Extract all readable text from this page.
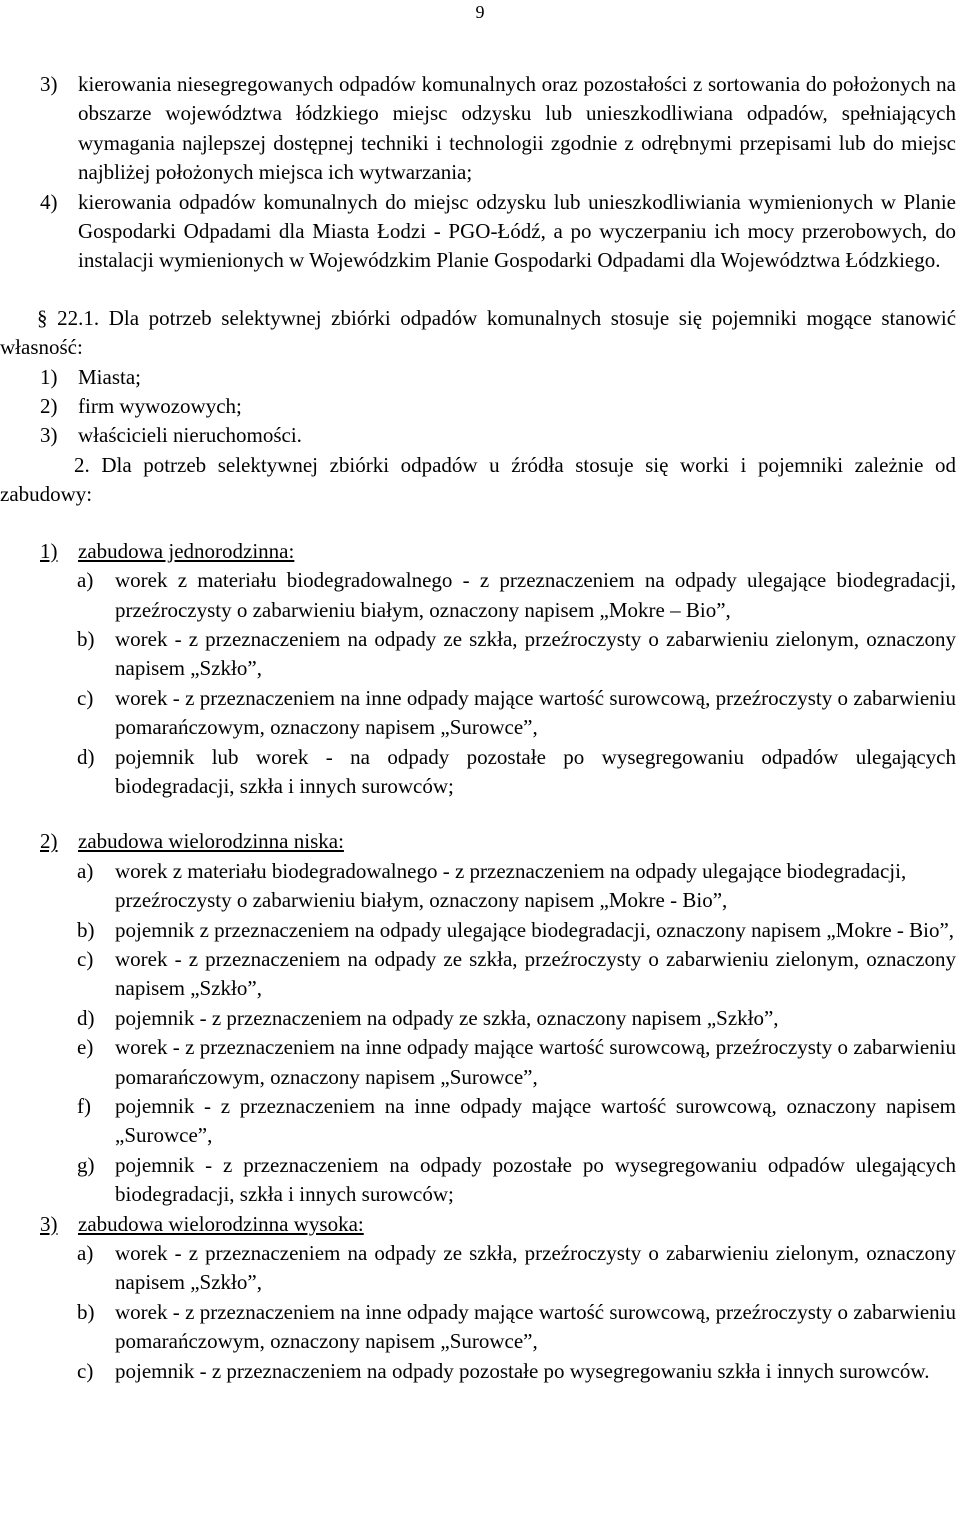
9
3) kierowania niesegregowanych odpadów komunalnych oraz pozostałości z sortowania do położonych na obszarze województwa łódzkiego miejsc odzysku lub unieszkodliwiana odpadów, spełniających wymagania najlepszej dostępnej techniki i technologii zgodnie z odrębnymi przepisami lub do miejsc najbliżej położonych miejsca ich wytwarzania;
4) kierowania odpadów komunalnych do miejsc odzysku lub unieszkodliwiania wymienionych w Planie Gospodarki Odpadami dla Miasta Łodzi - PGO-Łódź, a po wyczerpaniu ich mocy przerobowych, do instalacji wymienionych w Wojewódzkim Planie Gospodarki Odpadami dla Województwa Łódzkiego.
§ 22.1. Dla potrzeb selektywnej zbiórki odpadów komunalnych stosuje się pojemniki mogące stanowić własność:
1) Miasta;
2) firm wywozowych;
3) właścicieli nieruchomości.
2. Dla potrzeb selektywnej zbiórki odpadów u źródła stosuje się worki i pojemniki zależnie od zabudowy:
1) zabudowa jednorodzinna:
a)	worek z materiału biodegradowalnego - z przeznaczeniem na odpady ulegające biodegradacji, przeźroczysty o zabarwieniu białym, oznaczony napisem „Mokre – Bio”,
b) worek - z przeznaczeniem na odpady ze szkła, przeźroczysty o zabarwieniu zielonym, oznaczony napisem „Szkło”,
c)	worek - z przeznaczeniem na inne odpady mające wartość surowcową, przeźroczysty o zabarwieniu pomarańczowym, oznaczony napisem „Surowce”,
d) pojemnik lub worek - na odpady pozostałe po wysegregowaniu odpadów ulegających biodegradacji, szkła i innych surowców;
2) zabudowa wielorodzinna niska:
a)	worek z materiału biodegradowalnego - z przeznaczeniem na odpady ulegające biodegradacji,
przeźroczysty o zabarwieniu białym, oznaczony napisem „Mokre - Bio”,
b) pojemnik z przeznaczeniem na odpady ulegające biodegradacji, oznaczony napisem „Mokre - Bio”,
c)	worek - z przeznaczeniem na odpady ze szkła, przeźroczysty o zabarwieniu zielonym, oznaczony napisem „Szkło”,
d) pojemnik - z przeznaczeniem na odpady ze szkła, oznaczony napisem „Szkło”,
e)	worek - z przeznaczeniem na inne odpady mające wartość surowcową, przeźroczysty o zabarwieniu pomarańczowym, oznaczony napisem „Surowce”,
f)	pojemnik - z przeznaczeniem na inne odpady mające wartość surowcową, oznaczony napisem „Surowce”,
g) pojemnik - z przeznaczeniem na odpady pozostałe po wysegregowaniu odpadów ulegających biodegradacji, szkła i innych surowców;
3) zabudowa wielorodzinna wysoka:
a)	worek - z przeznaczeniem na odpady ze szkła, przeźroczysty o zabarwieniu zielonym, oznaczony napisem „Szkło”,
b) worek - z przeznaczeniem na inne odpady mające wartość surowcową, przeźroczysty o zabarwieniu pomarańczowym, oznaczony napisem „Surowce”,
c)	pojemnik - z przeznaczeniem na odpady pozostałe po wysegregowaniu szkła i innych surowców.
